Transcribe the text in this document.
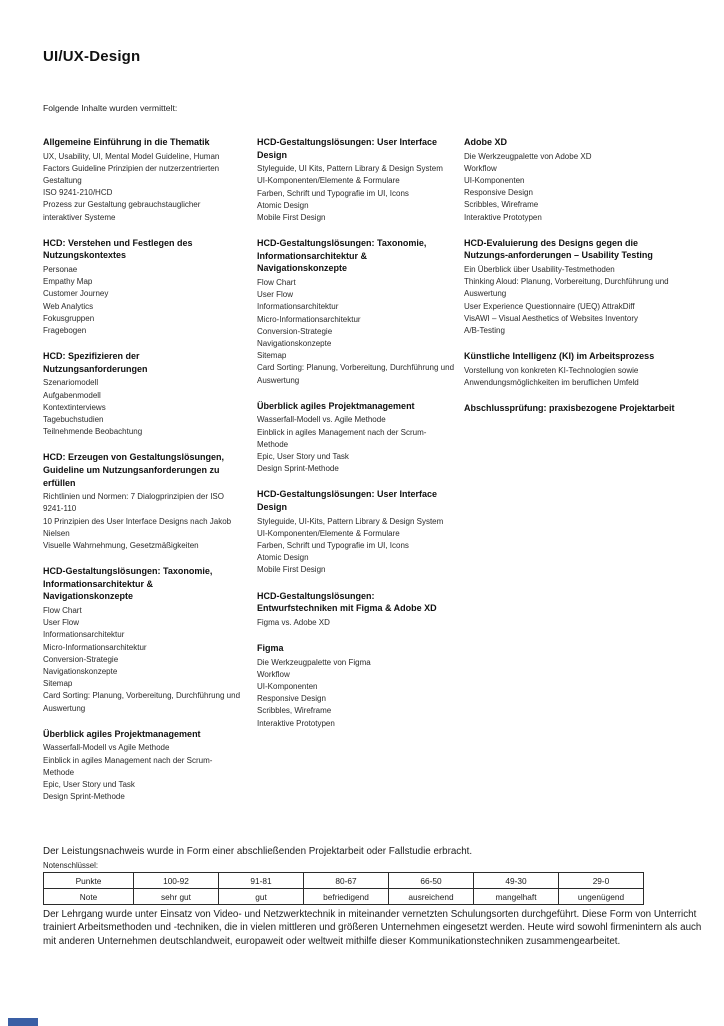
UI/UX-Design

Folgende Inhalte wurden vermittelt:

Allgemeine Einführung in die Thematik

UX, Usability, UI, Mental Model Guideline, Human Factors Guideline Prinzipien der nutzerzentrierten Gestaltung

ISO 9241-210/HCD

Prozess zur Gestaltung gebrauchstauglicher interaktiver Systeme

HCD: Verstehen und Festlegen des Nutzungskontextes

Personae

Empathy Map

Customer Journey

Web Analytics

Fokusgruppen

Fragebogen

HCD: Spezifizieren der Nutzungsanforderungen

Szenariomodell

Aufgabenmodell

Kontextinterviews

Tagebuchstudien

Teilnehmende Beobachtung

HCD: Erzeugen von Gestaltungslösungen, Guideline um Nutzungsanforderungen zu erfüllen

Richtlinien und Normen: 7 Dialogprinzipien der ISO 9241-110

10 Prinzipien des User Interface Designs nach Jakob Nielsen

Visuelle Wahrnehmung, Gesetzmäßigkeiten

HCD-Gestaltungslösungen: Taxonomie, Informationsarchitektur & Navigationskonzepte

Flow Chart

User Flow

Informationsarchitektur

Micro-Informationsarchitektur

Conversion-Strategie

Navigationskonzepte

Sitemap

Card Sorting: Planung, Vorbereitung, Durchführung und Auswertung

Überblick agiles Projektmanagement

Wasserfall-Modell vs Agile Methode

Einblick in agiles Management nach der Scrum-Methode

Epic, User Story und Task

Design Sprint-Methode

HCD-Gestaltungslösungen: User Interface Design

Styleguide, UI Kits, Pattern Library & Design System

UI-Komponenten/Elemente & Formulare

Farben, Schrift und Typografie im UI, Icons

Atomic Design

Mobile First Design

HCD-Gestaltungslösungen: Taxonomie, Informationsarchitektur & Navigationskonzepte

Flow Chart

User Flow

Informationsarchitektur

Micro-Informationsarchitektur

Conversion-Strategie

Navigationskonzepte

Sitemap

Card Sorting: Planung, Vorbereitung, Durchführung und Auswertung

Überblick agiles Projektmanagement

Wasserfall-Modell vs. Agile Methode

Einblick in agiles Management nach der Scrum-Methode

Epic, User Story und Task

Design Sprint-Methode

HCD-Gestaltungslösungen: User Interface Design

Styleguide, UI-Kits, Pattern Library & Design System

UI-Komponenten/Elemente & Formulare

Farben, Schrift und Typografie im UI, Icons

Atomic Design

Mobile First Design

HCD-Gestaltungslösungen: Entwurfstechniken mit Figma & Adobe XD

Figma vs. Adobe XD

Figma

Die Werkzeugpalette von Figma

Workflow

UI-Komponenten

Responsive Design

Scribbles, Wireframe

Interaktive Prototypen

Adobe XD

Die Werkzeugpalette von Adobe XD

Workflow

UI-Komponenten

Responsive Design

Scribbles, Wireframe

Interaktive Prototypen

HCD-Evaluierung des Designs gegen die Nutzungs-anforderungen – Usability Testing

Ein Überblick über Usability-Testmethoden

Thinking Aloud: Planung, Vorbereitung, Durchführung und Auswertung

User Experience Questionnaire (UEQ) AttrakDiff

VisAWI – Visual Aesthetics of Websites Inventory

A/B-Testing

Künstliche Intelligenz (KI) im Arbeitsprozess

Vorstellung von konkreten KI-Technologien sowie Anwendungsmöglichkeiten im beruflichen Umfeld

Abschlussprüfung: praxisbezogene Projektarbeit

Der Leistungsnachweis wurde in Form einer abschließenden Projektarbeit oder Fallstudie erbracht.

Notenschlüssel:

Punkte	100-92	91-81	80-67	66-50	49-30	29-0
Note	sehr gut	gut	befriedigend	ausreichend	mangelhaft	ungenügend

Der Lehrgang wurde unter Einsatz von Video- und Netzwerktechnik in miteinander vernetzten Schulungsorten durchgeführt. Diese Form von Unterricht trainiert Arbeitsmethoden und -techniken, die in vielen mittleren und größeren Unternehmen eingesetzt werden. Heute wird sowohl firmenintern als auch mit anderen Unternehmen deutschlandweit, europaweit oder weltweit mithilfe dieser Kommunikationstechniken zusammengearbeitet.
